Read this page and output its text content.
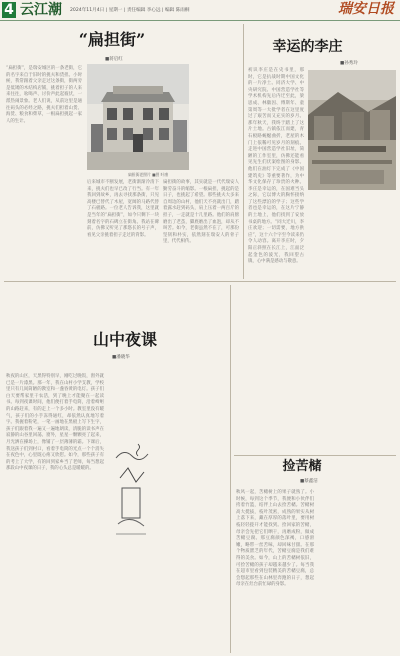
4 云江潮 2024年11月4日 | 星期一 | 责任编辑 李心远 | 编辑 陈雨桐	瑞安日报
“扁担街”
■蒋启红
“扁担街”，是瑞安城区的一条老街，它的名字来自于旧时的挑夫和货担。小时候，我常跟着父亲走过这条街，街两旁是低矮的木结构店铺，挑着担子的人来来往往，吆喝声、讨价声此起彼伏，一派热闹景象。老人们说，从前这里是通往码头的必经之路，挑夫们担着山货、海货、粮食和柴草，一根扁担挑起一家人的生计。
扁担街老照片 ■图 叶康
后来城市不断发展，老街渐渐冷清下来，挑夫们也早已改了行当。有一年我回到故乡，再去寻找那条街，只见高楼已替代了木屋，宽阔的马路代替了石板路。一位老人告诉我，这里就是当年的“扁担街”，如今只剩下一块刻着名字的石碑立在街角。我站在碑前，仿佛又听见了那悠长的号子声，看见父亲挑着担子走过的背影。
扁担街的故事，其实就是一代代瑞安人勤劳奋斗的缩影。一根扁担，挑起的是日子，也挑起了希望。那些挑夫大多来自周边的山村，他们天不亮就出门，踏着露水赶到码头，肩上压着一两百斤的担子，一走就是十几里路。他们的肩膀磨出了老茧，脚底磨出了血泡，却从不叫苦。如今，老街虽然不在了，可那份坚韧和朴实，依然刻在瑞安人的骨子里，代代相传。
幸运的李庄
■孙秀玲
初识李庄是在史书里，那时，它是抗战时期中国文化的一片净土。同济大学、中央研究院、中国营造学社等学术机构先后内迁至此，梁思成、林徽因、傅斯年、童第周等一大批学者在这里度过了艰苦而又充实的岁月。那年秋天，我终于踏上了这片土地。古镇依江而建，青石板路蜿蜒曲折，老屋的木门上依稀可见岁月的刻痕。走进中国营造学社旧址，简陋的工作室里，仿佛还能看见先生们伏案绘图的身影。他们在油灯下完成了《中国建筑史》等重要著作，为中华文化保存了珍贵的火种。李庄是幸运的，在国难当头之际，它以博大的胸怀接纳了这些漂泊的学子；这些学者也是幸运的，在这片宁静的土地上，他们找到了安放书桌的地方。“同大迁川，李庄欢迎；一切需要，地方供应”，这十六个字至今读来仍令人动容。离开李庄时，夕阳正斜照在长江上，江面泛起金色的波光，我回望古镇，心中满是感动与敬意。
山中夜课
■潘晓华
秋夜的山区，天黑得特别早，刚吃过晚饭，窗外就已是一片漆黑。那一年，我在山村小学支教，学校里只有几间简陋的教室和一盏昏黄的电灯。孩子们白天要帮家里干农活，到了晚上才能聚在一起读书。每到夜课时间，他们便打着手电筒，沿着崎岖的山路赶来，有的走上一个多小时。教室里没有暖气，孩子们的小手冻得通红，却依然认真地写着字。我握着粉笔，一笔一画地在黑板上写下生字，孩子们跟着我一遍又一遍地朗读，清脆的读书声在寂静的山谷里回荡。窗外，星星一颗颗亮了起来，月光洒在操场上，像铺了一层薄薄的霜。下课后，我送孩子们到村口，看着手电筒的光点一个个消失在夜色中，心里既心疼又欣慰。如今，那些孩子有的考上了大学，有的回到家乡当了老师，每当想起那段山中夜课的日子，我的心头总是暖暖的。	捡苦槠
■蔡鑫洁
秋风一起，苦槠树上的果子就熟了。小时候，每到这个季节，我便和小伙伴们挎着竹篮，结伴上山去捡苦槠。苦槠树高大挺拔，枝叶茂密，成熟的果实从树上落下来，藏在厚厚的落叶里，要用树枝轻轻拨开才能找到。捡回家的苦槠，母亲会先把它们晒干，再磨成粉，做成苦槠豆腐。那豆腐颜色深褐，口感滑嫩，略带一丝苦味，却回味甘甜。在那个物质匮乏的年代，苦槠豆腐是我们难得的美食。如今，山上的苦槠树依旧，可捡苦槠的孩子却越来越少了。每当我在超市里看到包装精美的苦槠豆腐，总会想起那些在山林里奔跑的日子，想起母亲在灶台前忙碌的身影。
